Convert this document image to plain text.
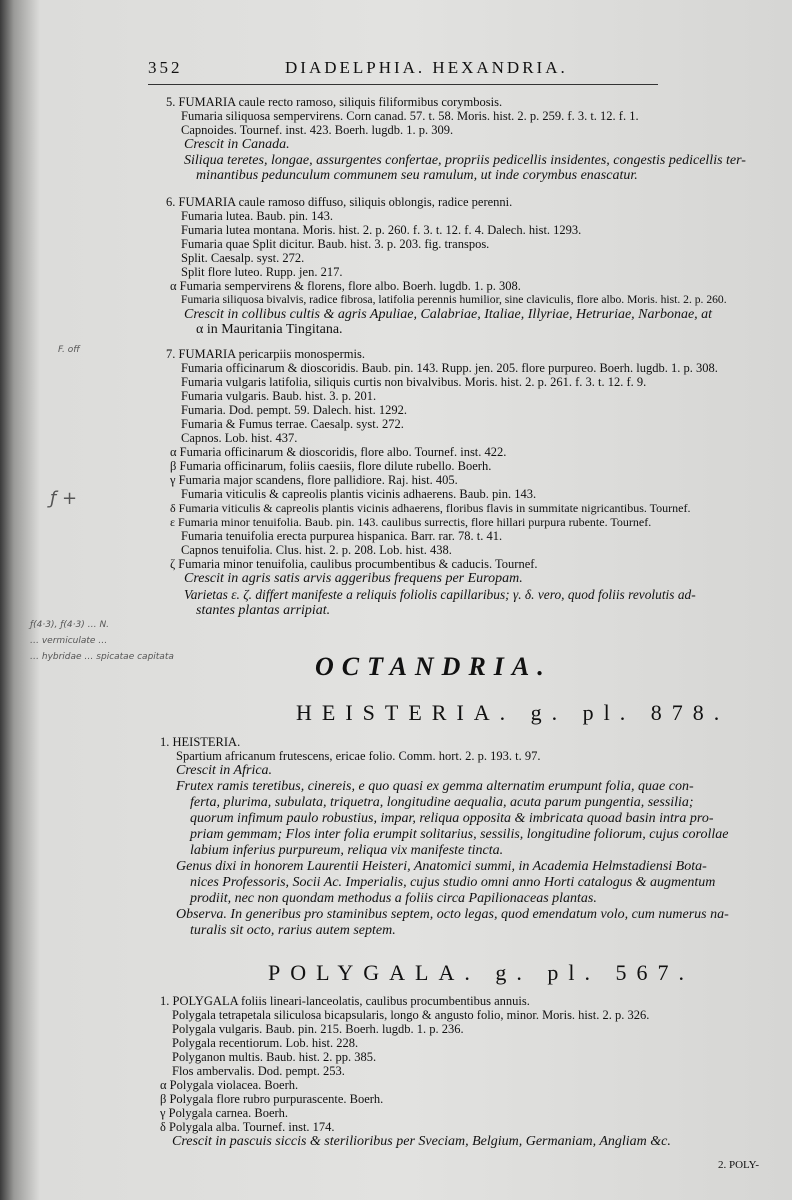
352	DIADELPHIA. HEXANDRIA.
5. FUMARIA caule recto ramoso, siliquis filiformibus corymbosis.
Fumaria siliquosa sempervirens. Corn canad. 57. t. 58. Moris. hist. 2. p. 259. f. 3. t. 12. f. 1.
Capnoides. Tournef. inst. 423. Boerh. lugdb. 1. p. 309.
Crescit in Canada.
Siliqua teretes, longae, assurgentes confertae, propriis pedicellis insidentes, congestis pedicellis ter-
minantibus pedunculum communem seu ramulum, ut inde corymbus enascatur.
6. FUMARIA caule ramoso diffuso, siliquis oblongis, radice perenni.
Fumaria lutea. Baub. pin. 143.
Fumaria lutea montana. Moris. hist. 2. p. 260. f. 3. t. 12. f. 4. Dalech. hist. 1293.
Fumaria quae Split dicitur. Baub. hist. 3. p. 203. fig. transpos.
Split. Caesalp. syst. 272.
Split flore luteo. Rupp. jen. 217.
α Fumaria sempervirens & florens, flore albo. Boerh. lugdb. 1. p. 308.
Fumaria siliquosa bivalvis, radice fibrosa, latifolia perennis humilior, sine claviculis, flore albo. Moris. hist. 2. p. 260.
Crescit in collibus cultis & agris Apuliae, Calabriae, Italiae, Illyriae, Hetruriae, Narbonae, at
α in Mauritania Tingitana.
F. off	7. FUMARIA pericarpiis monospermis.
Fumaria officinarum & dioscoridis. Baub. pin. 143. Rupp. jen. 205. flore purpureo. Boerh. lugdb. 1. p. 308.
Fumaria vulgaris latifolia, siliquis curtis non bivalvibus. Moris. hist. 2. p. 261. f. 3. t. 12. f. 9.
Fumaria vulgaris. Baub. hist. 3. p. 201.
Fumaria. Dod. pempt. 59. Dalech. hist. 1292.
Fumaria & Fumus terrae. Caesalp. syst. 272.
Capnos. Lob. hist. 437.
α Fumaria officinarum & dioscoridis, flore albo. Tournef. inst. 422.
β Fumaria officinarum, foliis caesiis, flore dilute rubello. Boerh.
γ Fumaria major scandens, flore pallidiore. Raj. hist. 405.
ƒ +	Fumaria viticulis & capreolis plantis vicinis adhaerens. Baub. pin. 143.
δ Fumaria viticulis & capreolis plantis vicinis adhaerens, floribus flavis in summitate nigricantibus. Tournef.
ε Fumaria minor tenuifolia. Baub. pin. 143. caulibus surrectis, flore hillari purpura rubente. Tournef.
Fumaria tenuifolia erecta purpurea hispanica. Barr. rar. 78. t. 41.
Capnos tenuifolia. Clus. hist. 2. p. 208. Lob. hist. 438.
ζ Fumaria minor tenuifolia, caulibus procumbentibus & caducis. Tournef.
Crescit in agris satis arvis aggeribus frequens per Europam.
Varietas ε. ζ. differt manifeste a reliquis foliolis capillaribus; γ. δ. vero, quod foliis revolutis ad-
stantes plantas arripiat.
ƒ(4·3), ƒ(4·3) … N.
… vermiculate …
… hybridae … spicatae capitata	OCTANDRIA.
HEISTERIA. g. pl. 878.
1. HEISTERIA.
Spartium africanum frutescens, ericae folio. Comm. hort. 2. p. 193. t. 97.
Crescit in Africa.
Frutex ramis teretibus, cinereis, e quo quasi ex gemma alternatim erumpunt folia, quae con-
ferta, plurima, subulata, triquetra, longitudine aequalia, acuta parum pungentia, sessilia;
quorum infimum paulo robustius, impar, reliqua opposita & imbricata quoad basin intra pro-
priam gemmam; Flos inter folia erumpit solitarius, sessilis, longitudine foliorum, cujus corollae
labium inferius purpureum, reliqua vix manifeste tincta.
Genus dixi in honorem Laurentii Heisteri, Anatomici summi, in Academia Helmstadiensi Bota-
nices Professoris, Socii Ac. Imperialis, cujus studio omni anno Horti catalogus & augmentum
prodiit, nec non quondam methodus a foliis circa Papilionaceas plantas.
Observa. In generibus pro staminibus septem, octo legas, quod emendatum volo, cum numerus na-
turalis sit octo, rarius autem septem.
POLYGALA. g. pl. 567.
1. POLYGALA foliis lineari-lanceolatis, caulibus procumbentibus annuis.
Polygala tetrapetala siliculosa bicapsularis, longo & angusto folio, minor. Moris. hist. 2. p. 326.
Polygala vulgaris. Baub. pin. 215. Boerh. lugdb. 1. p. 236.
Polygala recentiorum. Lob. hist. 228.
Polyganon multis. Baub. hist. 2. pp. 385.
Flos ambervalis. Dod. pempt. 253.
α Polygala violacea. Boerh.
β Polygala flore rubro purpurascente. Boerh.
γ Polygala carnea. Boerh.
δ Polygala alba. Tournef. inst. 174.
Crescit in pascuis siccis & sterilioribus per Sveciam, Belgium, Germaniam, Angliam &c.
2. POLY-
